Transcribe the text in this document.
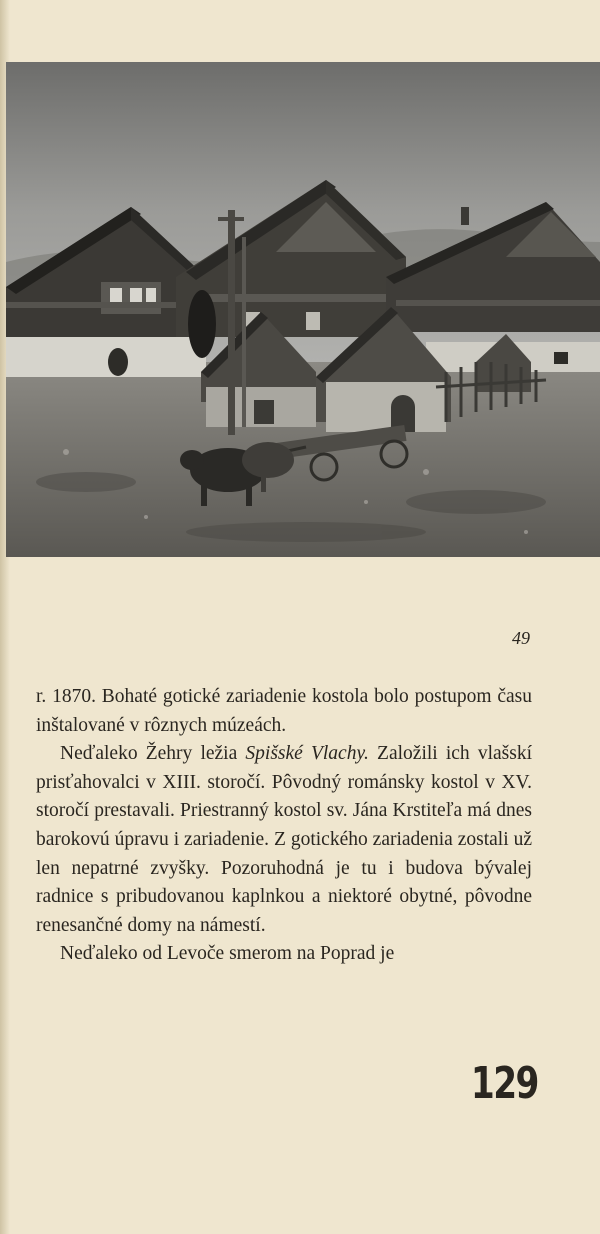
49

r. 1870. Bohaté gotické zariadenie kostola bolo postupom času inštalované v rôznych múzeách.

Neďaleko Žehry ležia Spišské Vlachy. Založili ich vlašskí prisťahovalci v XIII. storočí. Pôvodný románsky kostol v XV. storočí prestavali. Priestranný kostol sv. Jána Krstiteľa má dnes barokovú úpravu i zariadenie. Z gotického zariadenia zostali už len nepatrné zvyšky. Pozoruhodná je tu i budova bývalej radnice s pribudovanou kaplnkou a niektoré obytné, pôvodne renesančné domy na námestí.

Neďaleko od Levoče smerom na Poprad je

129
